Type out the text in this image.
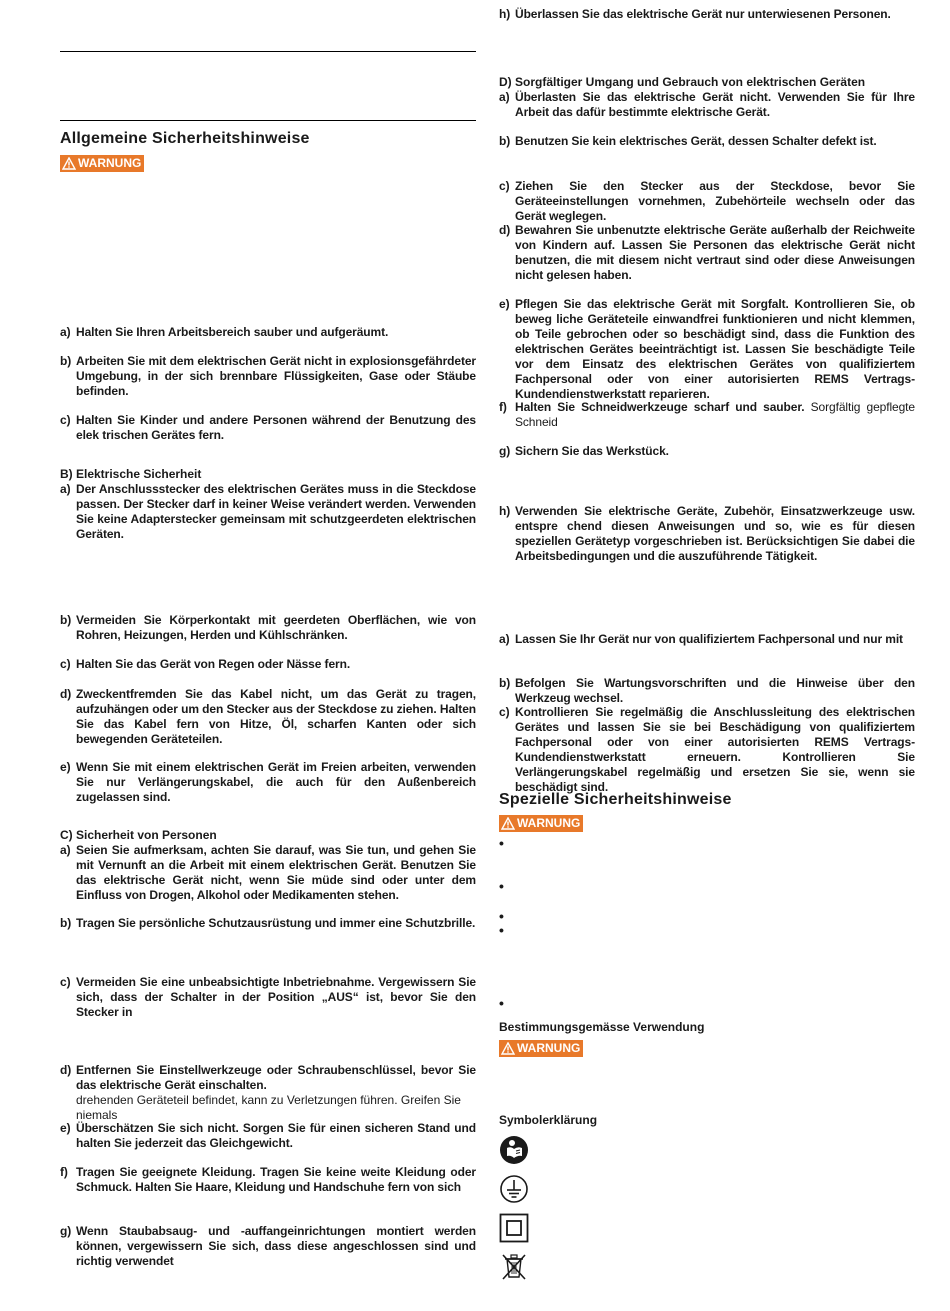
Allgemeine Sicherheitshinweise
WARNUNG
a) Halten Sie Ihren Arbeitsbereich sauber und aufgeräumt.
b) Arbeiten Sie mit dem elektrischen Gerät nicht in explosionsgefährdeter Umgebung, in der sich brennbare Flüssigkeiten, Gase oder Stäube befinden.
c) Halten Sie Kinder und andere Personen während der Benutzung des elek trischen Gerätes fern.
B) Elektrische Sicherheit
a) Der Anschlussstecker des elektrischen Gerätes muss in die Steckdose passen. Der Stecker darf in keiner Weise verändert werden. Verwenden Sie keine Adapterstecker gemeinsam mit schutzgeerdeten elektrischen Geräten.
b) Vermeiden Sie Körperkontakt mit geerdeten Oberflächen, wie von Rohren, Heizungen, Herden und Kühlschränken.
c) Halten Sie das Gerät von Regen oder Nässe fern.
d) Zweckentfremden Sie das Kabel nicht, um das Gerät zu tragen, aufzuhängen oder um den Stecker aus der Steckdose zu ziehen. Halten Sie das Kabel fern von Hitze, Öl, scharfen Kanten oder sich bewegenden Geräteteilen.
e) Wenn Sie mit einem elektrischen Gerät im Freien arbeiten, verwenden Sie nur Verlängerungskabel, die auch für den Außenbereich zugelassen sind.
C) Sicherheit von Personen
a) Seien Sie aufmerksam, achten Sie darauf, was Sie tun, und gehen Sie mit Vernunft an die Arbeit mit einem elektrischen Gerät. Benutzen Sie das elektrische Gerät nicht, wenn Sie müde sind oder unter dem Einfluss von Drogen, Alkohol oder Medikamenten stehen.
b) Tragen Sie persönliche Schutzausrüstung und immer eine Schutzbrille.
c) Vermeiden Sie eine unbeabsichtigte Inbetriebnahme. Vergewissern Sie sich, dass der Schalter in der Position „AUS“ ist, bevor Sie den Stecker in
d) Entfernen Sie Einstellwerkzeuge oder Schraubenschlüssel, bevor Sie das elektrische Gerät einschalten.
drehenden Geräteteil befindet, kann zu Verletzungen führen. Greifen Sie niemals
e) Überschätzen Sie sich nicht. Sorgen Sie für einen sicheren Stand und halten Sie jederzeit das Gleichgewicht.
f) Tragen Sie geeignete Kleidung. Tragen Sie keine weite Kleidung oder Schmuck. Halten Sie Haare, Kleidung und Handschuhe fern von sich
g) Wenn Staubabsaug- und -auffangeinrichtungen montiert werden können, vergewissern Sie sich, dass diese angeschlossen sind und richtig verwendet
h) Überlassen Sie das elektrische Gerät nur unterwiesenen Personen.
D) Sorgfältiger Umgang und Gebrauch von elektrischen Geräten
a) Überlasten Sie das elektrische Gerät nicht. Verwenden Sie für Ihre Arbeit das dafür bestimmte elektrische Gerät.
b) Benutzen Sie kein elektrisches Gerät, dessen Schalter defekt ist.
c) Ziehen Sie den Stecker aus der Steckdose, bevor Sie Geräteeinstellungen vornehmen, Zubehörteile wechseln oder das Gerät weglegen.
d) Bewahren Sie unbenutzte elektrische Geräte außerhalb der Reichweite von Kindern auf. Lassen Sie Personen das elektrische Gerät nicht benutzen, die mit diesem nicht vertraut sind oder diese Anweisungen nicht gelesen haben.
e) Pflegen Sie das elektrische Gerät mit Sorgfalt. Kontrollieren Sie, ob beweg liche Geräteteile einwandfrei funktionieren und nicht klemmen, ob Teile gebrochen oder so beschädigt sind, dass die Funktion des elektrischen Gerätes beeinträchtigt ist. Lassen Sie beschädigte Teile vor dem Einsatz des elektrischen Gerätes von qualifiziertem Fachpersonal oder von einer autorisierten REMS Vertrags-Kundendienstwerkstatt reparieren.
f) Halten Sie Schneidwerkzeuge scharf und sauber. Sorgfältig gepflegte Schneid
g) Sichern Sie das Werkstück.
h) Verwenden Sie elektrische Geräte, Zubehör, Einsatzwerkzeuge usw. entspre chend diesen Anweisungen und so, wie es für diesen speziellen Gerätetyp vorgeschrieben ist. Berücksichtigen Sie dabei die Arbeitsbedingungen und die auszuführende Tätigkeit.
a) Lassen Sie Ihr Gerät nur von qualifiziertem Fachpersonal und nur mit
b) Befolgen Sie Wartungsvorschriften und die Hinweise über den Werkzeug wechsel.
c) Kontrollieren Sie regelmäßig die Anschlussleitung des elektrischen Gerätes und lassen Sie sie bei Beschädigung von qualifiziertem Fachpersonal oder von einer autorisierten REMS Vertrags-Kundendienstwerkstatt erneuern. Kontrollieren Sie Verlängerungskabel regelmäßig und ersetzen Sie sie, wenn sie beschädigt sind.
Spezielle Sicherheitshinweise
WARNUNG
•
•
•
•
•
Bestimmungsgemässe Verwendung
WARNUNG
Symbolerklärung
